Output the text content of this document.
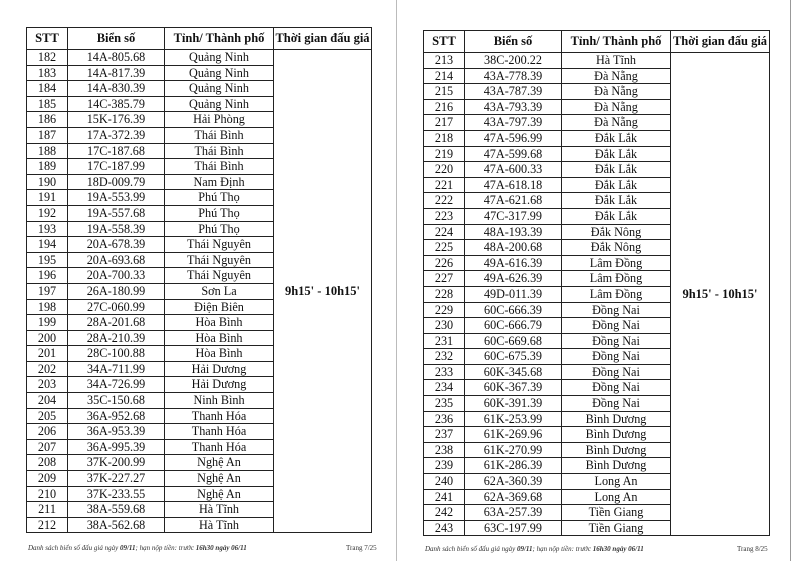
STT	Biển số	Tỉnh/ Thành phố	Thời gian đấu giá
182	14A-805.68	Quảng Ninh	9h15' - 10h15'
183	14A-817.39	Quảng Ninh	
184	14A-830.39	Quảng Ninh	
185	14C-385.79	Quảng Ninh	
186	15K-176.39	Hải Phòng	
187	17A-372.39	Thái Bình	
188	17C-187.68	Thái Bình	
189	17C-187.99	Thái Bình	
190	18D-009.79	Nam Định	
191	19A-553.99	Phú Thọ	
192	19A-557.68	Phú Thọ	
193	19A-558.39	Phú Thọ	
194	20A-678.39	Thái Nguyên	
195	20A-693.68	Thái Nguyên	
196	20A-700.33	Thái Nguyên	
197	26A-180.99	Sơn La	
198	27C-060.99	Điện Biên	
199	28A-201.68	Hòa Bình	
200	28A-210.39	Hòa Bình	
201	28C-100.88	Hòa Bình	
202	34A-711.99	Hải Dương	
203	34A-726.99	Hải Dương	
204	35C-150.68	Ninh Bình	
205	36A-952.68	Thanh Hóa	
206	36A-953.39	Thanh Hóa	
207	36A-995.39	Thanh Hóa	
208	37K-200.99	Nghệ An	
209	37K-227.27	Nghệ An	
210	37K-233.55	Nghệ An	
211	38A-559.68	Hà Tĩnh	
212	38A-562.68	Hà Tĩnh	
Danh sách biển số đấu giá ngày 09/11; hạn nộp tiền: trước 16h30 ngày 06/11	Trang 7/25
STT	Biển số	Tỉnh/ Thành phố	Thời gian đấu giá
213	38C-200.22	Hà Tĩnh	9h15' - 10h15'
214	43A-778.39	Đà Nẵng	
215	43A-787.39	Đà Nẵng	
216	43A-793.39	Đà Nẵng	
217	43A-797.39	Đà Nẵng	
218	47A-596.99	Đắk Lắk	
219	47A-599.68	Đắk Lắk	
220	47A-600.33	Đắk Lắk	
221	47A-618.18	Đắk Lắk	
222	47A-621.68	Đắk Lắk	
223	47C-317.99	Đắk Lắk	
224	48A-193.39	Đắk Nông	
225	48A-200.68	Đắk Nông	
226	49A-616.39	Lâm Đồng	
227	49A-626.39	Lâm Đồng	
228	49D-011.39	Lâm Đồng	
229	60C-666.39	Đồng Nai	
230	60C-666.79	Đồng Nai	
231	60C-669.68	Đồng Nai	
232	60C-675.39	Đồng Nai	
233	60K-345.68	Đồng Nai	
234	60K-367.39	Đồng Nai	
235	60K-391.39	Đồng Nai	
236	61K-253.99	Bình Dương	
237	61K-269.96	Bình Dương	
238	61K-270.99	Bình Dương	
239	61K-286.39	Bình Dương	
240	62A-360.39	Long An	
241	62A-369.68	Long An	
242	63A-257.39	Tiền Giang	
243	63C-197.99	Tiền Giang	
Danh sách biển số đấu giá ngày 09/11; hạn nộp tiền: trước 16h30 ngày 06/11	Trang 8/25
